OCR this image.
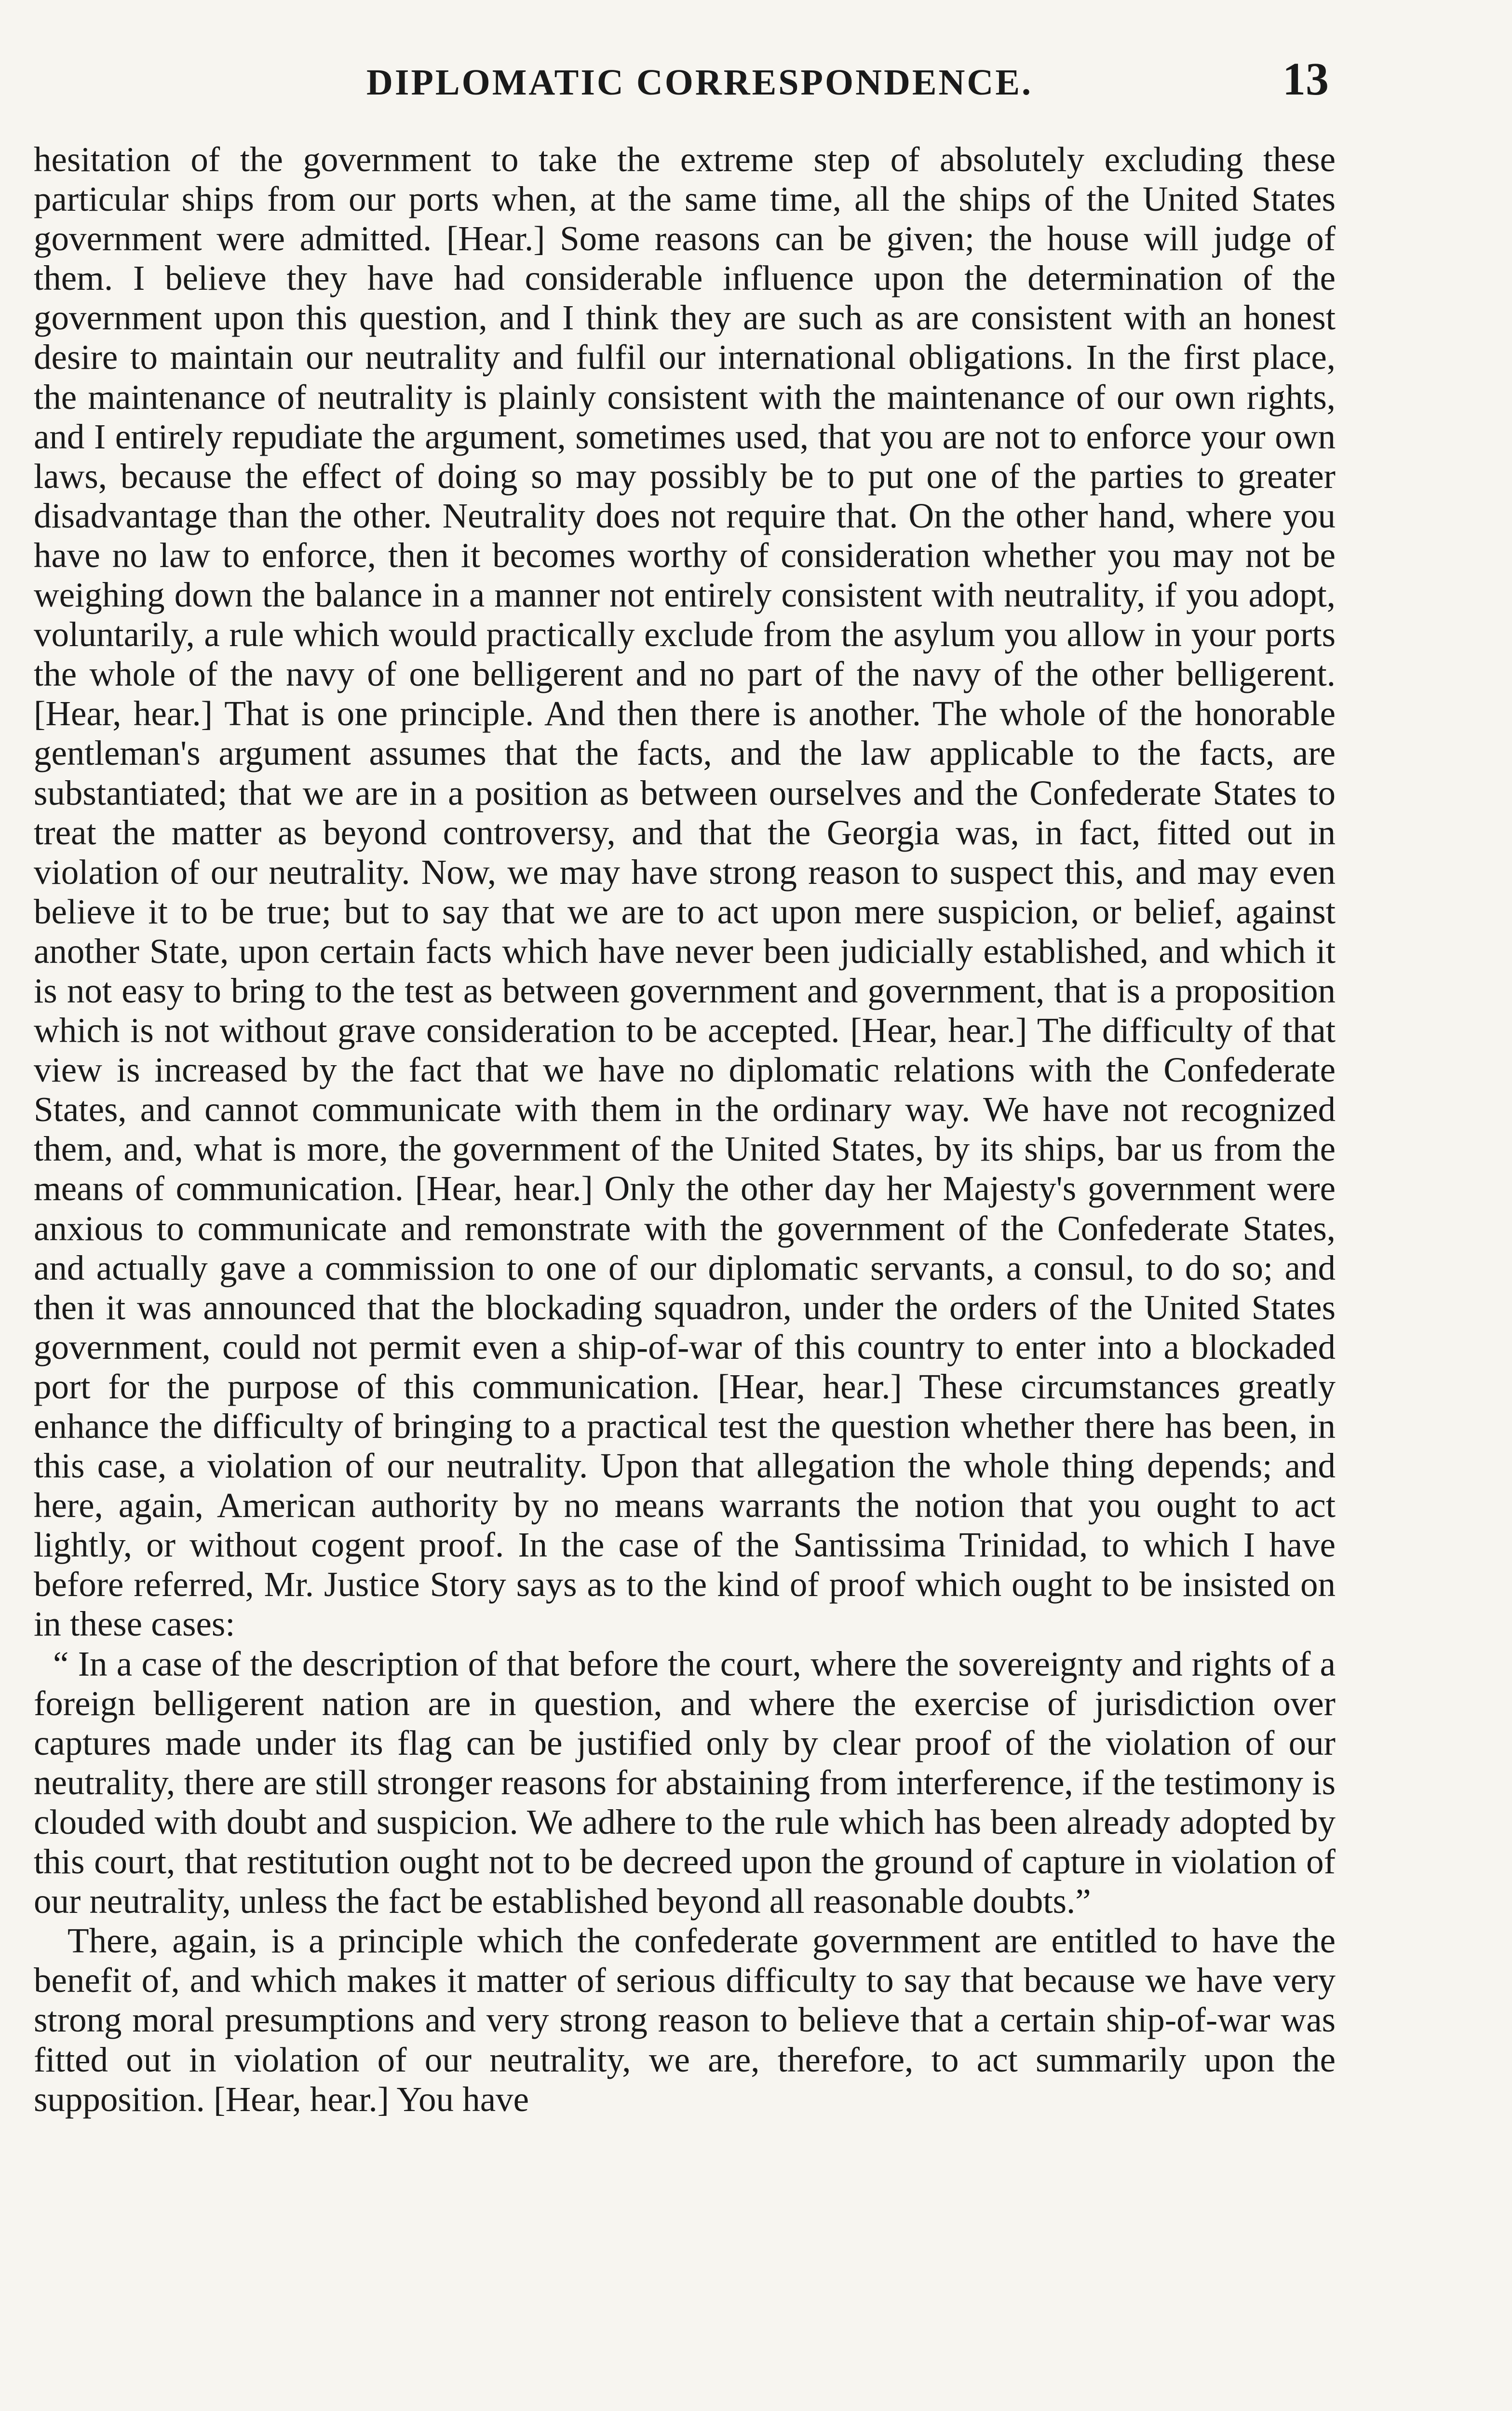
DIPLOMATIC CORRESPONDENCE.	13

hesitation of the government to take the extreme step of absolutely excluding these particular ships from our ports when, at the same time, all the ships of the United States government were admitted. [Hear.] Some reasons can be given; the house will judge of them. I believe they have had considerable influence upon the determination of the government upon this question, and I think they are such as are consistent with an honest desire to maintain our neutrality and fulfil our international obligations. In the first place, the maintenance of neutrality is plainly consistent with the maintenance of our own rights, and I entirely repudiate the argument, sometimes used, that you are not to enforce your own laws, because the effect of doing so may possibly be to put one of the parties to greater disadvantage than the other. Neutrality does not require that. On the other hand, where you have no law to enforce, then it becomes worthy of consideration whether you may not be weighing down the balance in a manner not entirely consistent with neutrality, if you adopt, voluntarily, a rule which would practically exclude from the asylum you allow in your ports the whole of the navy of one belligerent and no part of the navy of the other belligerent. [Hear, hear.] That is one principle. And then there is another. The whole of the honorable gentleman's argument assumes that the facts, and the law applicable to the facts, are substantiated; that we are in a position as between ourselves and the Confederate States to treat the matter as beyond controversy, and that the Georgia was, in fact, fitted out in violation of our neutrality. Now, we may have strong reason to suspect this, and may even believe it to be true; but to say that we are to act upon mere suspicion, or belief, against another State, upon certain facts which have never been judicially established, and which it is not easy to bring to the test as between government and government, that is a proposition which is not without grave consideration to be accepted. [Hear, hear.] The difficulty of that view is increased by the fact that we have no diplomatic relations with the Confederate States, and cannot communicate with them in the ordinary way. We have not recognized them, and, what is more, the government of the United States, by its ships, bar us from the means of communication. [Hear, hear.] Only the other day her Majesty's government were anxious to communicate and remonstrate with the government of the Confederate States, and actually gave a commission to one of our diplomatic servants, a consul, to do so; and then it was announced that the blockading squadron, under the orders of the United States government, could not permit even a ship-of-war of this country to enter into a blockaded port for the purpose of this communication. [Hear, hear.] These circumstances greatly enhance the difficulty of bringing to a practical test the question whether there has been, in this case, a violation of our neutrality. Upon that allegation the whole thing depends; and here, again, American authority by no means warrants the notion that you ought to act lightly, or without cogent proof. In the case of the Santissima Trinidad, to which I have before referred, Mr. Justice Story says as to the kind of proof which ought to be insisted on in these cases:

“ In a case of the description of that before the court, where the sovereignty and rights of a foreign belligerent nation are in question, and where the exercise of jurisdiction over captures made under its flag can be justified only by clear proof of the violation of our neutrality, there are still stronger reasons for abstaining from interference, if the testimony is clouded with doubt and suspicion. We adhere to the rule which has been already adopted by this court, that restitution ought not to be decreed upon the ground of capture in violation of our neutrality, unless the fact be established beyond all reasonable doubts.”

There, again, is a principle which the confederate government are entitled to have the benefit of, and which makes it matter of serious difficulty to say that because we have very strong moral presumptions and very strong reason to believe that a certain ship-of-war was fitted out in violation of our neutrality, we are, therefore, to act summarily upon the supposition. [Hear, hear.] You have
